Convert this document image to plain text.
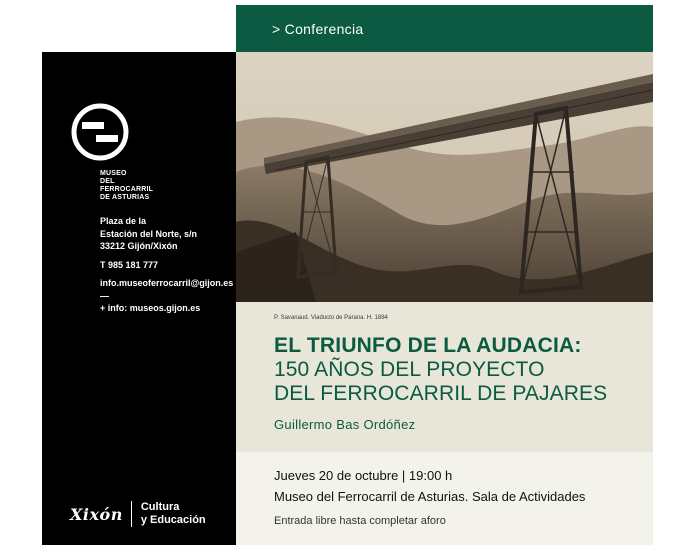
> Conferencia
MUSEO
DEL
FERROCARRIL
DE ASTURIAS
Plaza de la
Estación del Norte, s/n
33212 Gijón/Xixón
T 985 181 777
info.museoferrocarril@gijon.es
—
+ info: museos.gijon.es
Xixón Cultura
y Educación
P. Savanaud. Viaducto de Parana. H. 1884
EL TRIUNFO DE LA AUDACIA:
150 AÑOS DEL PROYECTO
DEL FERROCARRIL DE PAJARES
Guillermo Bas Ordóñez
Jueves 20 de octubre | 19:00 h
Museo del Ferrocarril de Asturias. Sala de Actividades
Entrada libre hasta completar aforo
